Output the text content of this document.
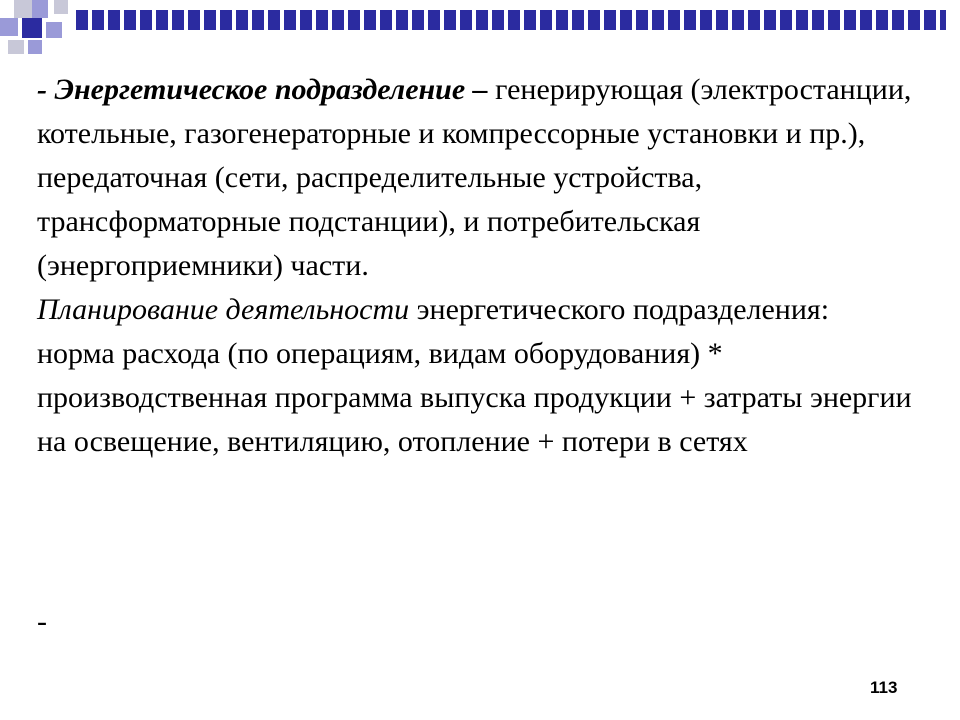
- Энергетическое подразделение – генерирующая (электростанции, котельные, газогенераторные и компрессорные установки и пр.), передаточная (сети, распределительные устройства, трансформаторные подстанции), и потребительская (энергоприемники) части.

Планирование деятельности энергетического подразделения:

норма расхода (по операциям, видам оборудования) * производственная программа выпуска продукции + затраты энергии на освещение, вентиляцию, отопление + потери в сетях

-
113
